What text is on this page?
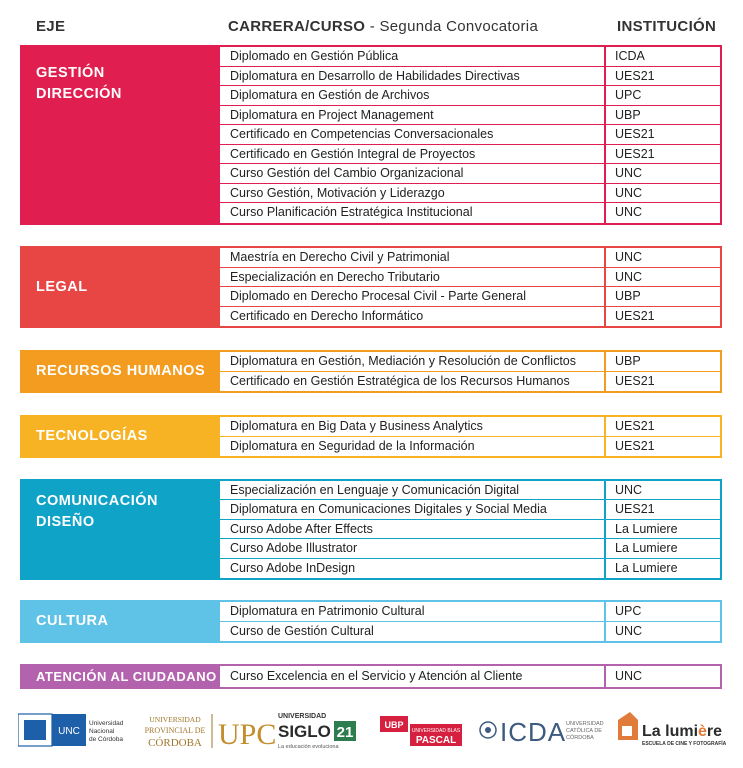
EJE	CARRERA/CURSO - Segunda Convocatoria	INSTITUCIÓN
GESTIÓN
DIRECCIÓN
Diplomado en Gestión Pública	ICDA
Diplomatura en Desarrollo de Habilidades Directivas	UES21
Diplomatura en Gestión de Archivos	UPC
Diplomatura en Project Management	UBP
Certificado en Competencias Conversacionales	UES21
Certificado en Gestión Integral de Proyectos	UES21
Curso Gestión del Cambio Organizacional	UNC
Curso Gestión, Motivación y Liderazgo	UNC
Curso Planificación Estratégica Institucional	UNC
LEGAL
Maestría en Derecho Civil y Patrimonial	UNC
Especialización en Derecho Tributario	UNC
Diplomado en Derecho Procesal Civil - Parte General	UBP
Certificado en Derecho Informático	UES21
RECURSOS HUMANOS
Diplomatura en Gestión, Mediación y Resolución de Conflictos	UBP
Certificado en Gestión Estratégica de los Recursos Humanos	UES21
TECNOLOGÍAS
Diplomatura en Big Data y Business Analytics	UES21
Diplomatura en Seguridad de la Información	UES21
COMUNICACIÓN
DISEÑO
Especialización en Lenguaje y Comunicación Digital	UNC
Diplomatura en Comunicaciones Digitales y Social Media	UES21
Curso Adobe After Effects	La Lumiere
Curso Adobe Illustrator	La Lumiere
Curso Adobe InDesign	La Lumiere
CULTURA
Diplomatura en Patrimonio Cultural	UPC
Curso de Gestión Cultural	UNC
ATENCIÓN AL CIUDADANO	Curso Excelencia en el Servicio y Atención al Cliente	UNC
UNC
Universidad
Nacional
de Córdoba
UNIVERSIDAD
PROVINCIAL DE
CÓRDOBA UPC
UNIVERSIDAD
SIGLO 21
La educación evoluciona
UBP
UNIVERSIDAD BLAS
PASCAL ICDA UNIVERSIDAD
CATÓLICA DE
CÓRDOBA	La lumière
ESCUELA DE CINE Y FOTOGRAFÍA
